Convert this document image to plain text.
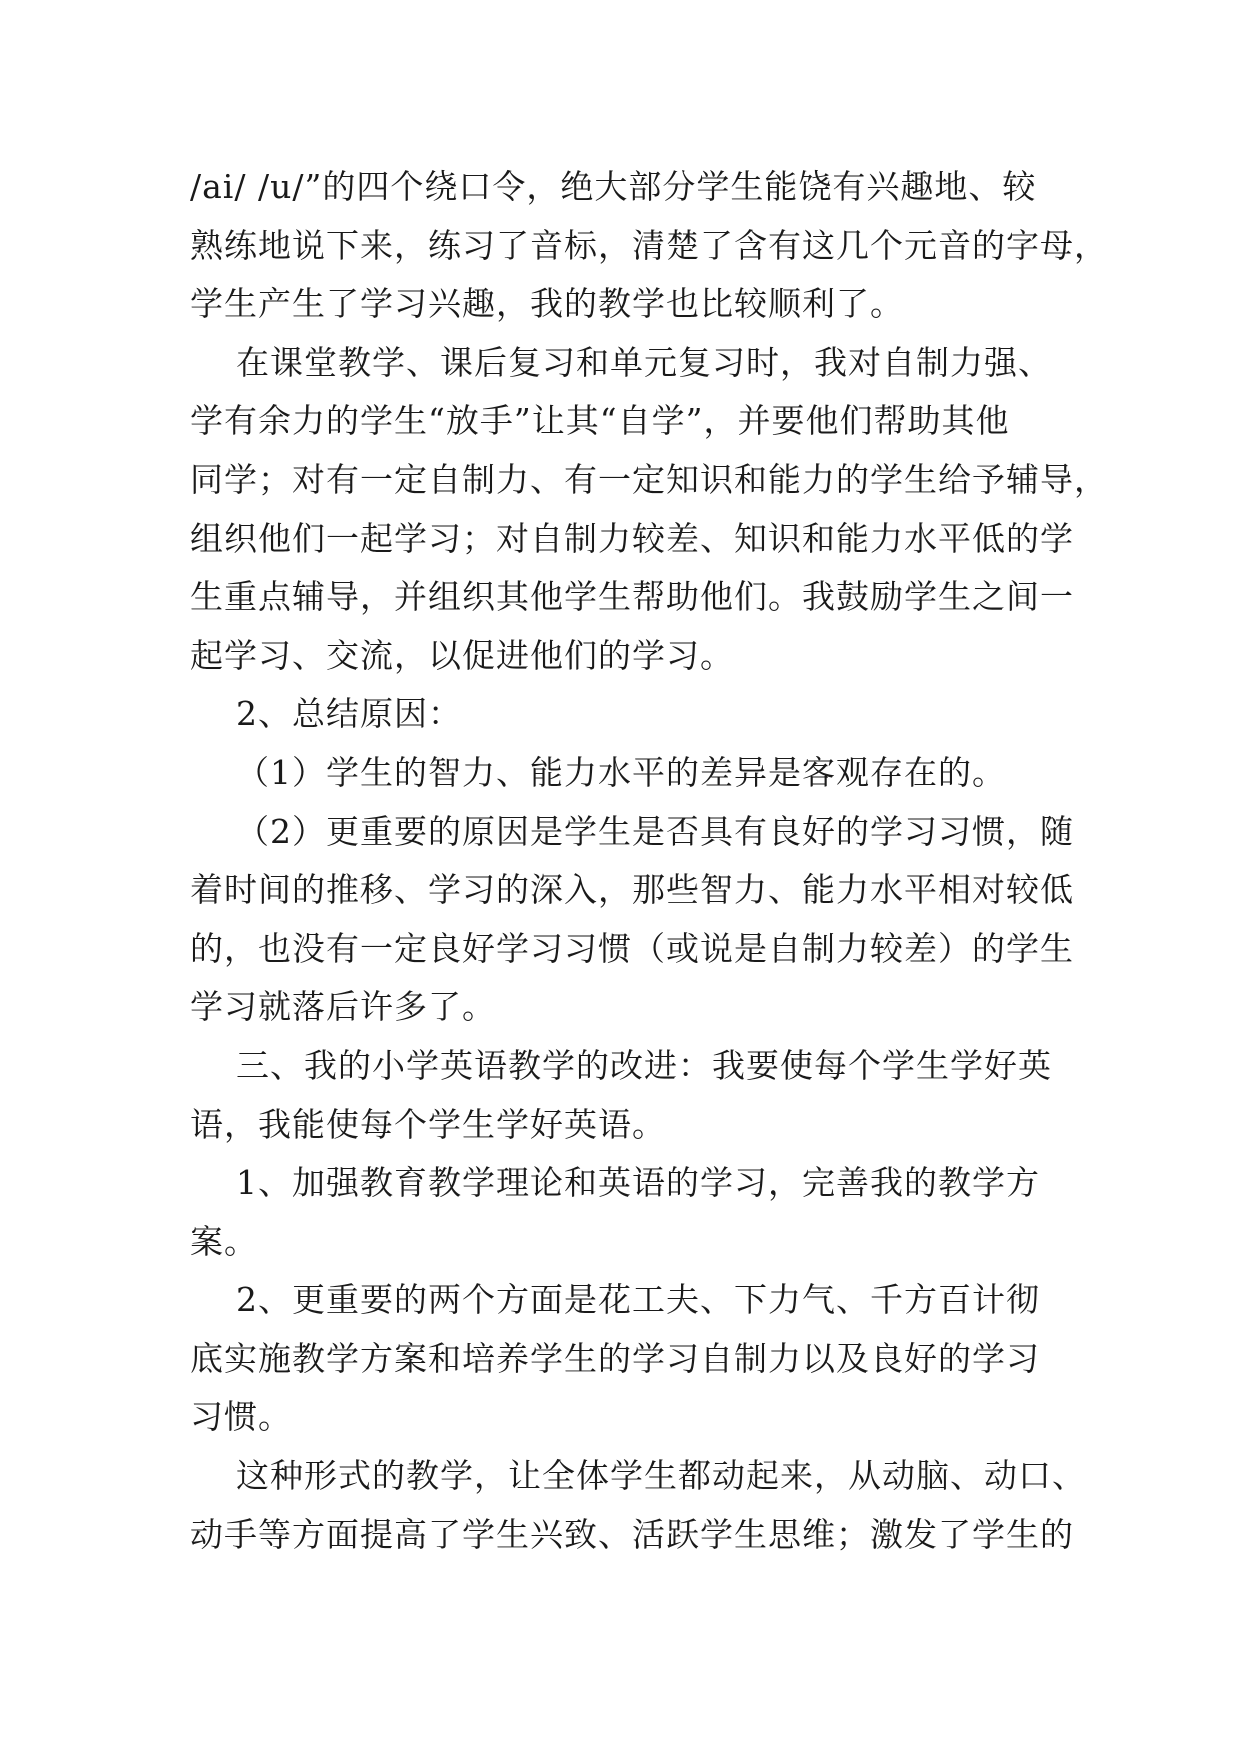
/ai/ /u/”的四个绕口令，绝大部分学生能饶有兴趣地、较
熟练地说下来，练习了音标，清楚了含有这几个元音的字母，
学生产生了学习兴趣，我的教学也比较顺利了。
在课堂教学、课后复习和单元复习时，我对自制力强、
学有余力的学生“放手”让其“自学”，并要他们帮助其他
同学；对有一定自制力、有一定知识和能力的学生给予辅导，
组织他们一起学习；对自制力较差、知识和能力水平低的学
生重点辅导，并组织其他学生帮助他们。我鼓励学生之间一
起学习、交流，以促进他们的学习。
2、总结原因：
（1）学生的智力、能力水平的差异是客观存在的。
（2）更重要的原因是学生是否具有良好的学习习惯，随
着时间的推移、学习的深入，那些智力、能力水平相对较低
的，也没有一定良好学习习惯（或说是自制力较差）的学生
学习就落后许多了。
三、我的小学英语教学的改进：我要使每个学生学好英
语，我能使每个学生学好英语。
1、加强教育教学理论和英语的学习，完善我的教学方
案。
2、更重要的两个方面是花工夫、下力气、千方百计彻
底实施教学方案和培养学生的学习自制力以及良好的学习
习惯。
这种形式的教学，让全体学生都动起来，从动脑、动口、
动手等方面提高了学生兴致、活跃学生思维；激发了学生的
